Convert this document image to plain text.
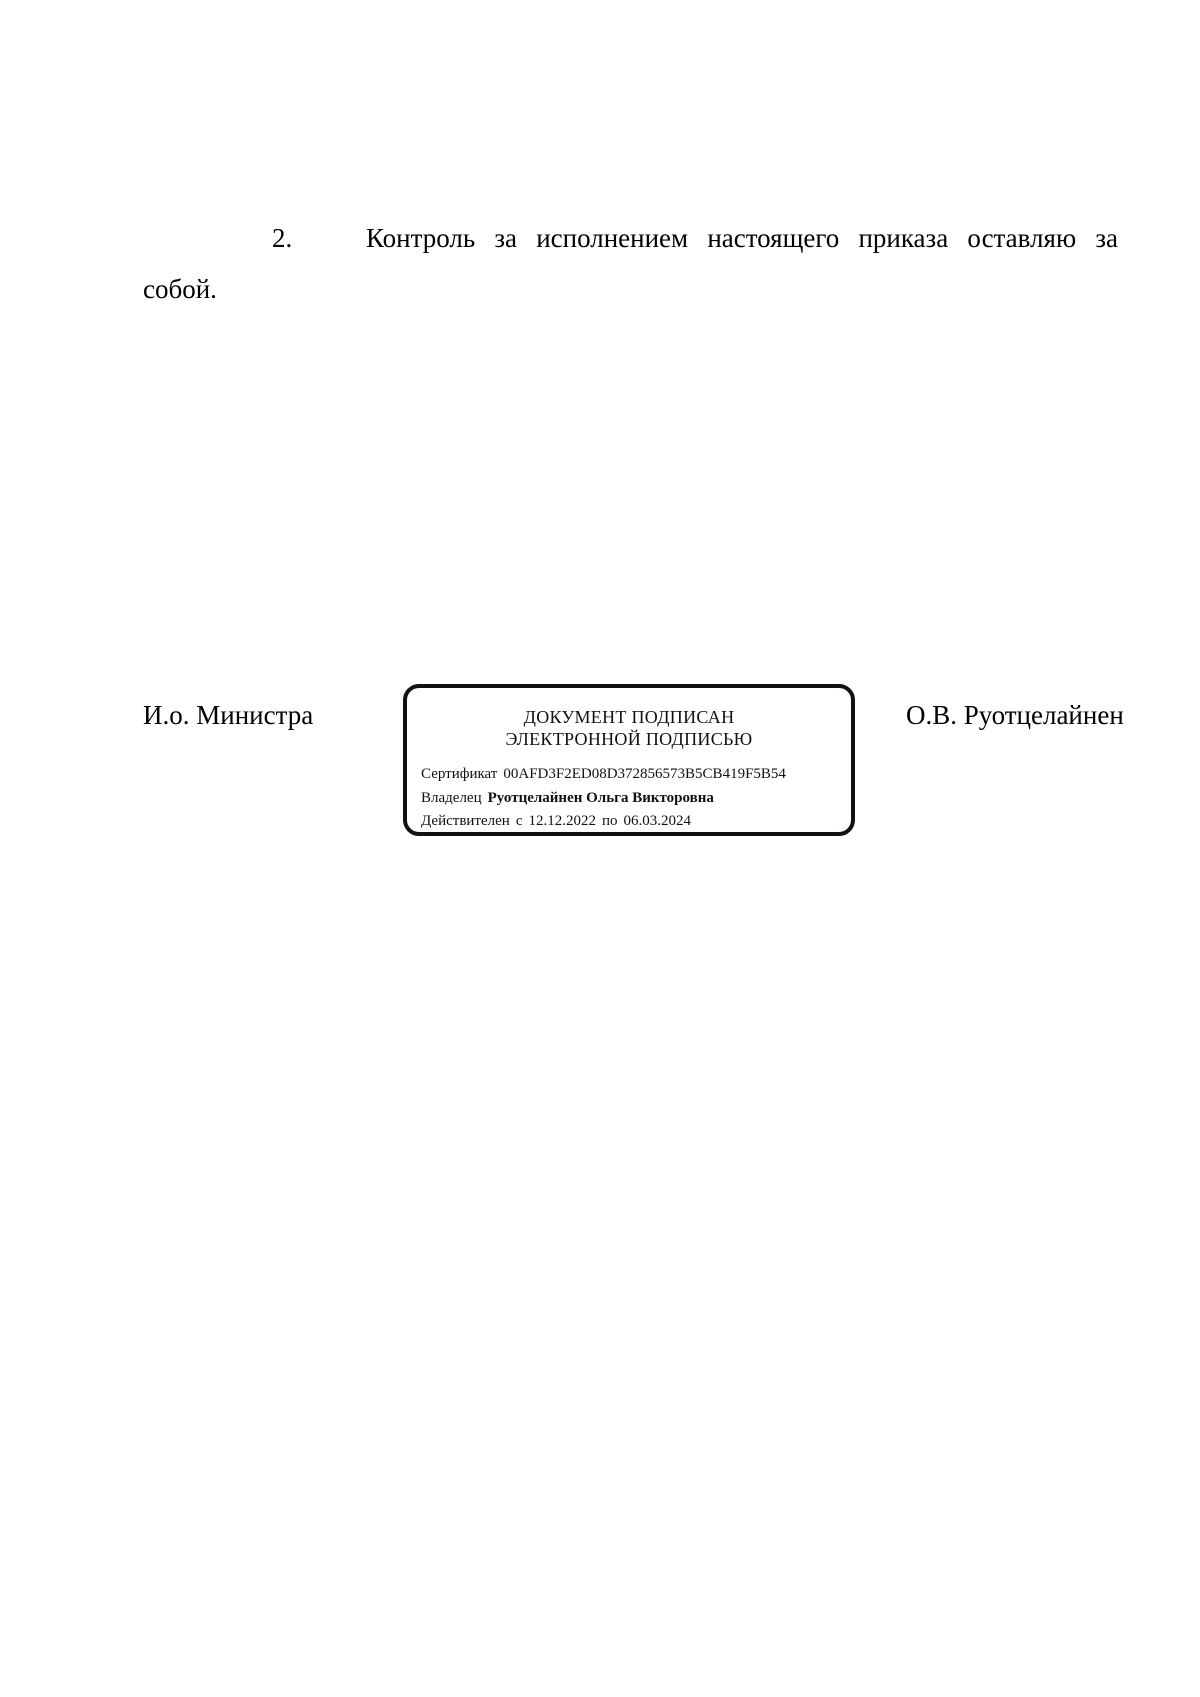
2.	Контроль за исполнением настоящего приказа оставляю за
собой.
И.о. Министра	ДОКУМЕНТ ПОДПИСАН
ЭЛЕКТРОННОЙ ПОДПИСЬЮ
Сертификат 00AFD3F2ED08D372856573B5CB419F5B54
Владелец Руотцелайнен Ольга Викторовна
Действителен с 12.12.2022 по 06.03.2024
О.В. Руотцелайнен
